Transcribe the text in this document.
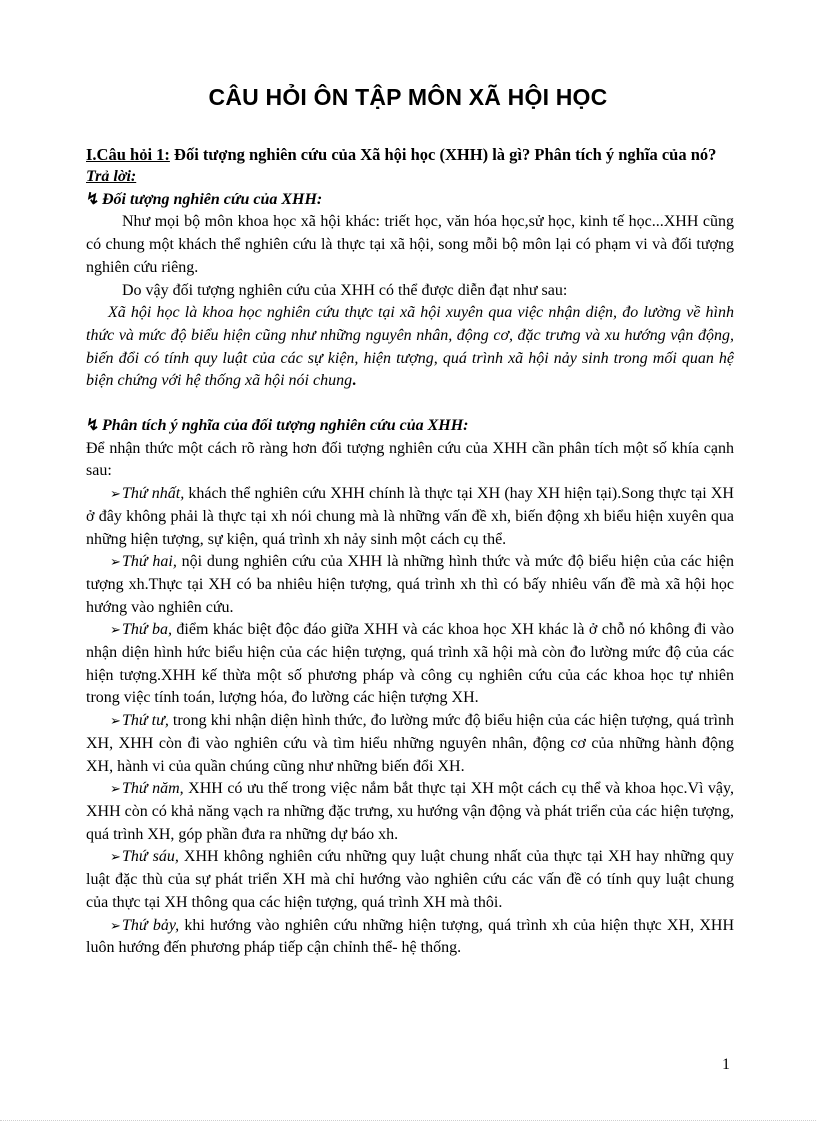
CÂU HỎI ÔN TẬP MÔN XÃ HỘI HỌC

I.Câu hỏi 1: Đối tượng nghiên cứu của Xã hội học (XHH) là gì? Phân tích ý nghĩa của nó?

Trả lời:

↯ Đối tượng nghiên cứu của XHH:

Như mọi bộ môn khoa học xã hội khác: triết học, văn hóa học,sử học, kinh tế học...XHH cũng có chung một khách thể nghiên cứu là thực tại xã hội, song mỗi bộ môn lại có phạm vi và đối tượng nghiên cứu riêng.

Do vậy đối tượng nghiên cứu của XHH có thể được diễn đạt như sau:

Xã hội học là khoa học nghiên cứu thực tại xã hội xuyên qua việc nhận diện, đo lường về hình thức và mức độ biểu hiện cũng như những nguyên nhân, động cơ, đặc trưng và xu hướng vận động, biến đổi có tính quy luật của các sự kiện, hiện tượng, quá trình xã hội nảy sinh trong mối quan hệ biện chứng với hệ thống xã hội nói chung.

↯ Phân tích ý nghĩa của đối tượng nghiên cứu của XHH:

Để nhận thức một cách rõ ràng hơn đối tượng nghiên cứu của XHH cần phân tích một số khía cạnh sau:

➢Thứ nhất, khách thể nghiên cứu XHH chính là thực tại XH (hay XH hiện tại).Song thực tại XH ở đây không phải là thực tại xh nói chung mà là những vấn đề xh, biến động xh biểu hiện xuyên qua những hiện tượng, sự kiện, quá trình xh nảy sinh một cách cụ thể.

➢Thứ hai, nội dung nghiên cứu của XHH là những hình thức và mức độ biểu hiện của các hiện tượng xh.Thực tại XH có ba nhiêu hiện tượng, quá trình xh thì có bấy nhiêu vấn đề mà xã hội học hướng vào nghiên cứu.

➢Thứ ba, điểm khác biệt độc đáo giữa XHH và các khoa học XH khác là ở chỗ nó không đi vào nhận diện hình hức biểu hiện của các hiện tượng, quá trình xã hội mà còn đo lường mức độ của các hiện tượng.XHH kế thừa một số phương pháp và công cụ nghiên cứu của các khoa học tự nhiên trong việc tính toán, lượng hóa, đo lường các hiện tượng XH.

➢Thứ tư, trong khi nhận diện hình thức, đo lường mức độ biểu hiện của các hiện tượng, quá trình XH, XHH còn đi vào nghiên cứu và tìm hiểu những nguyên nhân, động cơ của những hành động XH, hành vi của quần chúng cũng như những biến đổi XH.

➢Thứ năm, XHH có ưu thế trong việc nắm bắt thực tại XH một cách cụ thể và khoa học.Vì vậy, XHH còn có khả năng vạch ra những đặc trưng, xu hướng vận động và phát triển của các hiện tượng, quá trình XH, góp phần đưa ra những dự báo xh.

➢Thứ sáu, XHH không nghiên cứu những quy luật chung nhất của thực tại XH hay những quy luật đặc thù của sự phát triển XH mà chỉ hướng vào nghiên cứu các vấn đề có tính quy luật chung của thực tại XH thông qua các hiện tượng, quá trình XH mà thôi.

➢Thứ bảy, khi hướng vào nghiên cứu những hiện tượng, quá trình xh của hiện thực XH, XHH luôn hướng đến phương pháp tiếp cận chỉnh thể- hệ thống.

1
